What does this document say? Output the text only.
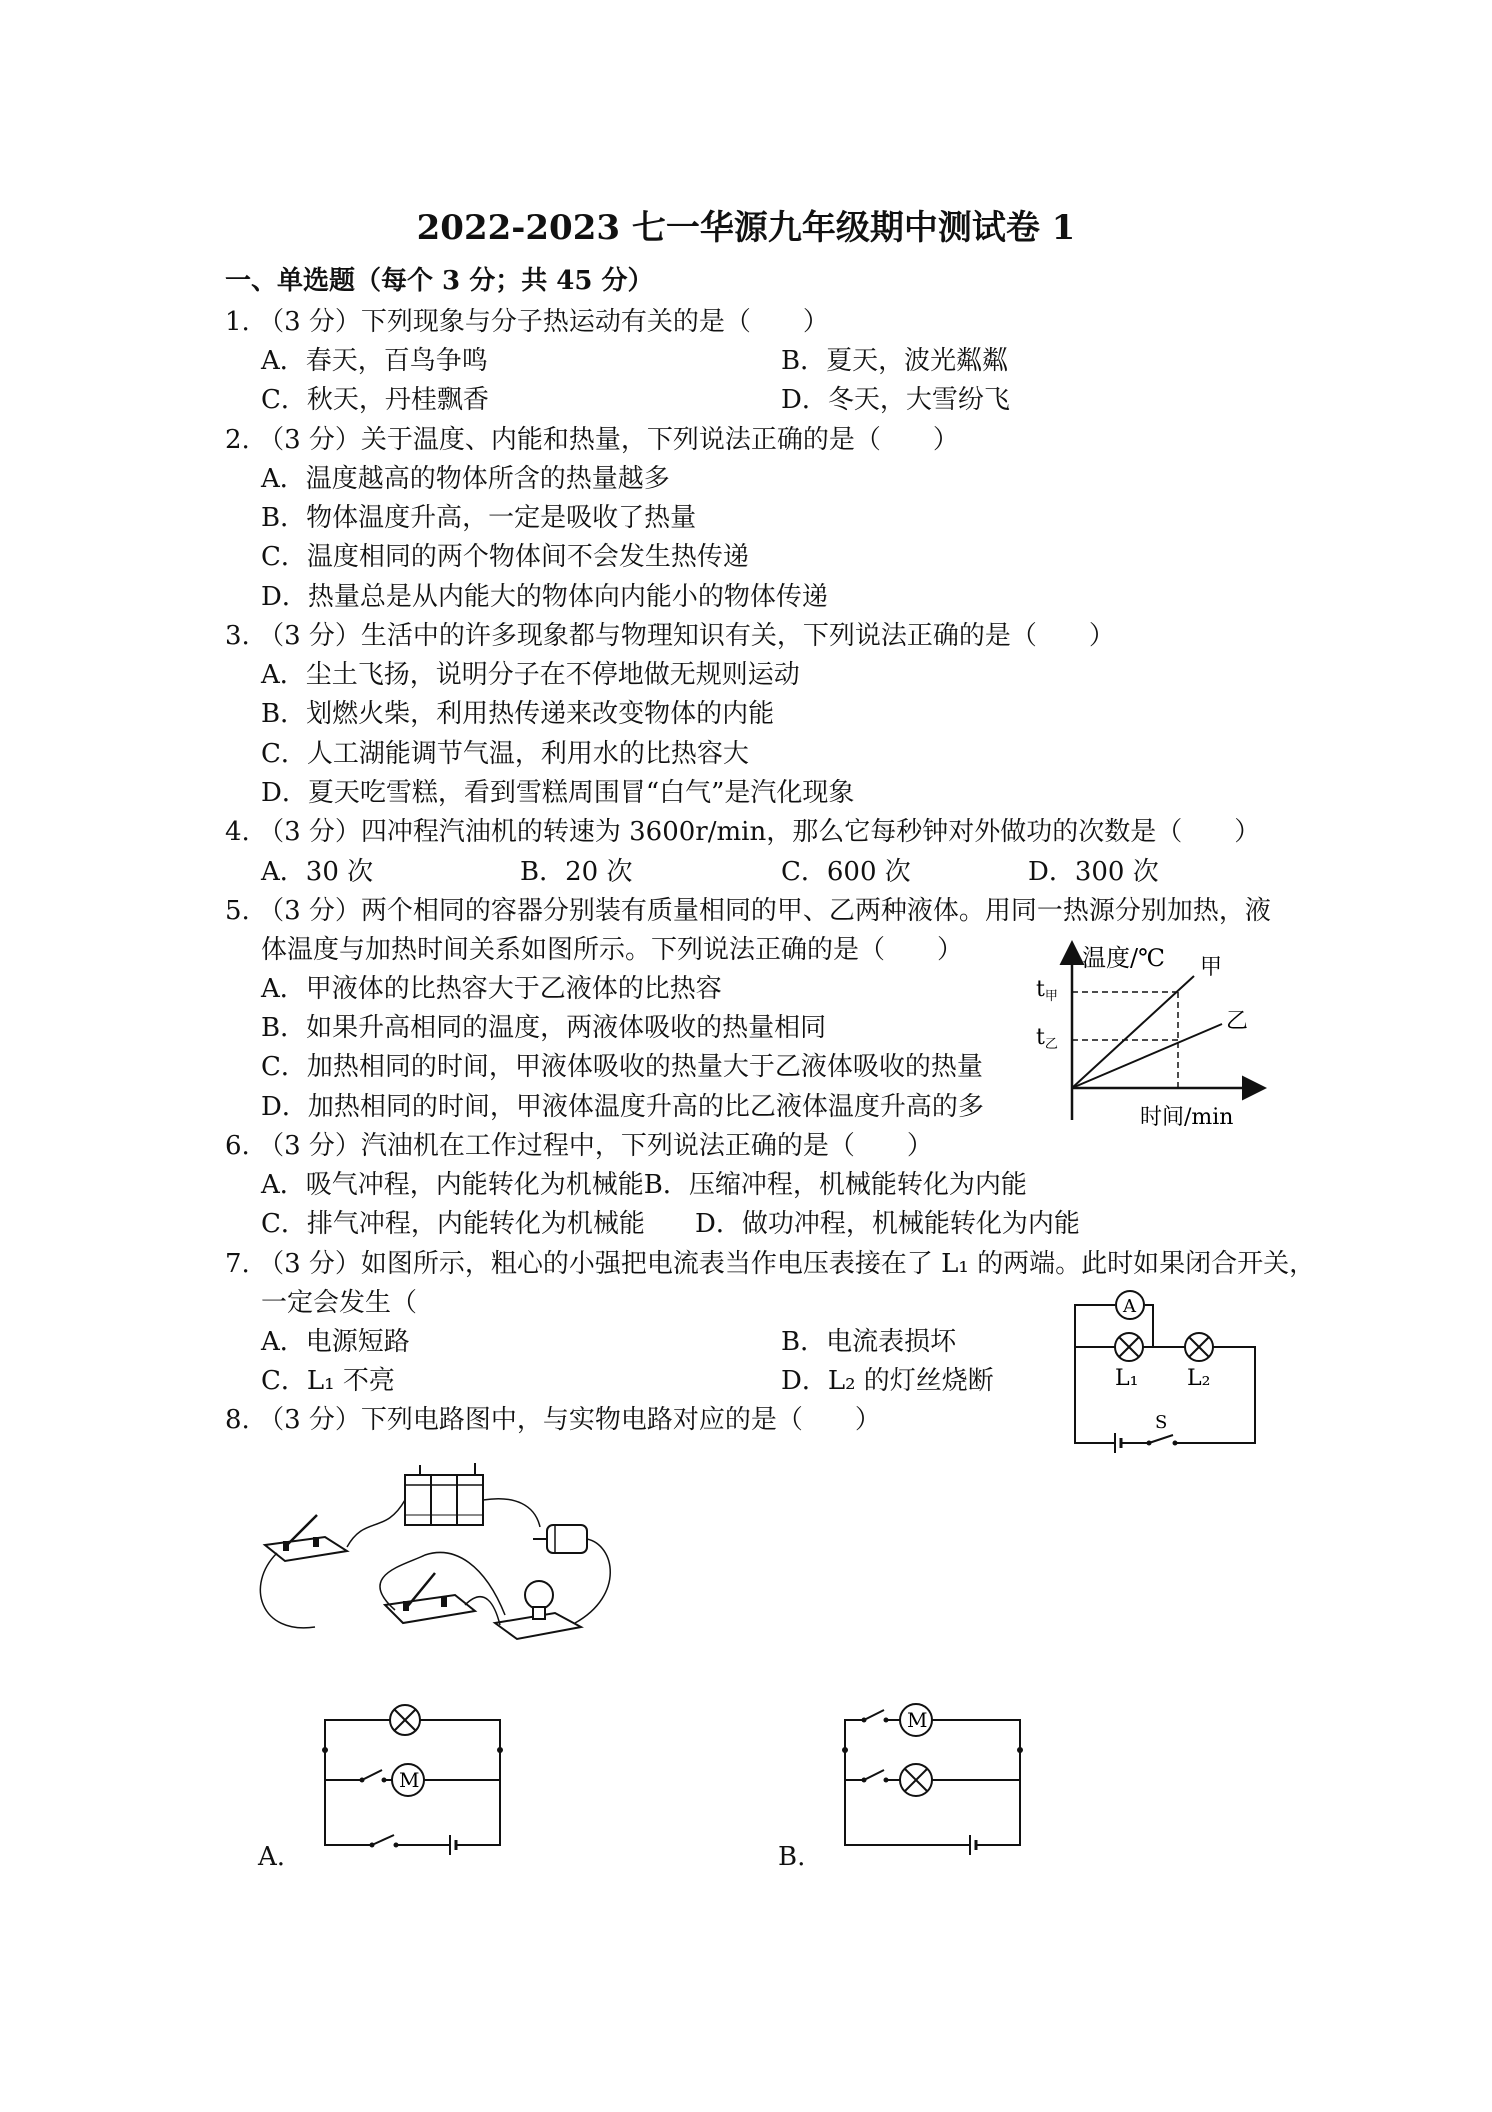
2022-2023 七一华源九年级期中测试卷 1
一、单选题（每个 3 分；共 45 分）
1. （3 分）下列现象与分子热运动有关的是（　　）
A．春天，百鸟争鸣	B．夏天，波光粼粼
C．秋天，丹桂飘香	D．冬天，大雪纷飞
2. （3 分）关于温度、内能和热量，下列说法正确的是（　　）
A．温度越高的物体所含的热量越多
B．物体温度升高，一定是吸收了热量
C．温度相同的两个物体间不会发生热传递
D．热量总是从内能大的物体向内能小的物体传递
3. （3 分）生活中的许多现象都与物理知识有关，下列说法正确的是（　　）
A．尘土飞扬，说明分子在不停地做无规则运动
B．划燃火柴，利用热传递来改变物体的内能
C．人工湖能调节气温，利用水的比热容大
D．夏天吃雪糕，看到雪糕周围冒“白气”是汽化现象
4. （3 分）四冲程汽油机的转速为 3600r/min，那么它每秒钟对外做功的次数是（　　）
A．30 次	B．20 次	C．600 次	D．300 次
5. （3 分）两个相同的容器分别装有质量相同的甲、乙两种液体。用同一热源分别加热，液
体温度与加热时间关系如图所示。下列说法正确的是（　　）
A．甲液体的比热容大于乙液体的比热容
B．如果升高相同的温度，两液体吸收的热量相同
C．加热相同的时间，甲液体吸收的热量大于乙液体吸收的热量
D．加热相同的时间，甲液体温度升高的比乙液体温度升高的多
温度/℃ 甲
乙
t甲
t乙
时间/min
6. （3 分）汽油机在工作过程中，下列说法正确的是（　　）
A．吸气冲程，内能转化为机械能B．压缩冲程，机械能转化为内能
C．排气冲程，内能转化为机械能 D．做功冲程，机械能转化为内能
7. （3 分）如图所示，粗心的小强把电流表当作电压表接在了 L₁ 的两端。此时如果闭合开关，
一定会发生（
A．电源短路	B．电流表损坏
C．L₁ 不亮	D．L₂ 的灯丝烧断
A
L₁ L₂
S
8. （3 分）下列电路图中，与实物电路对应的是（　　）
M
A.
M
B.
